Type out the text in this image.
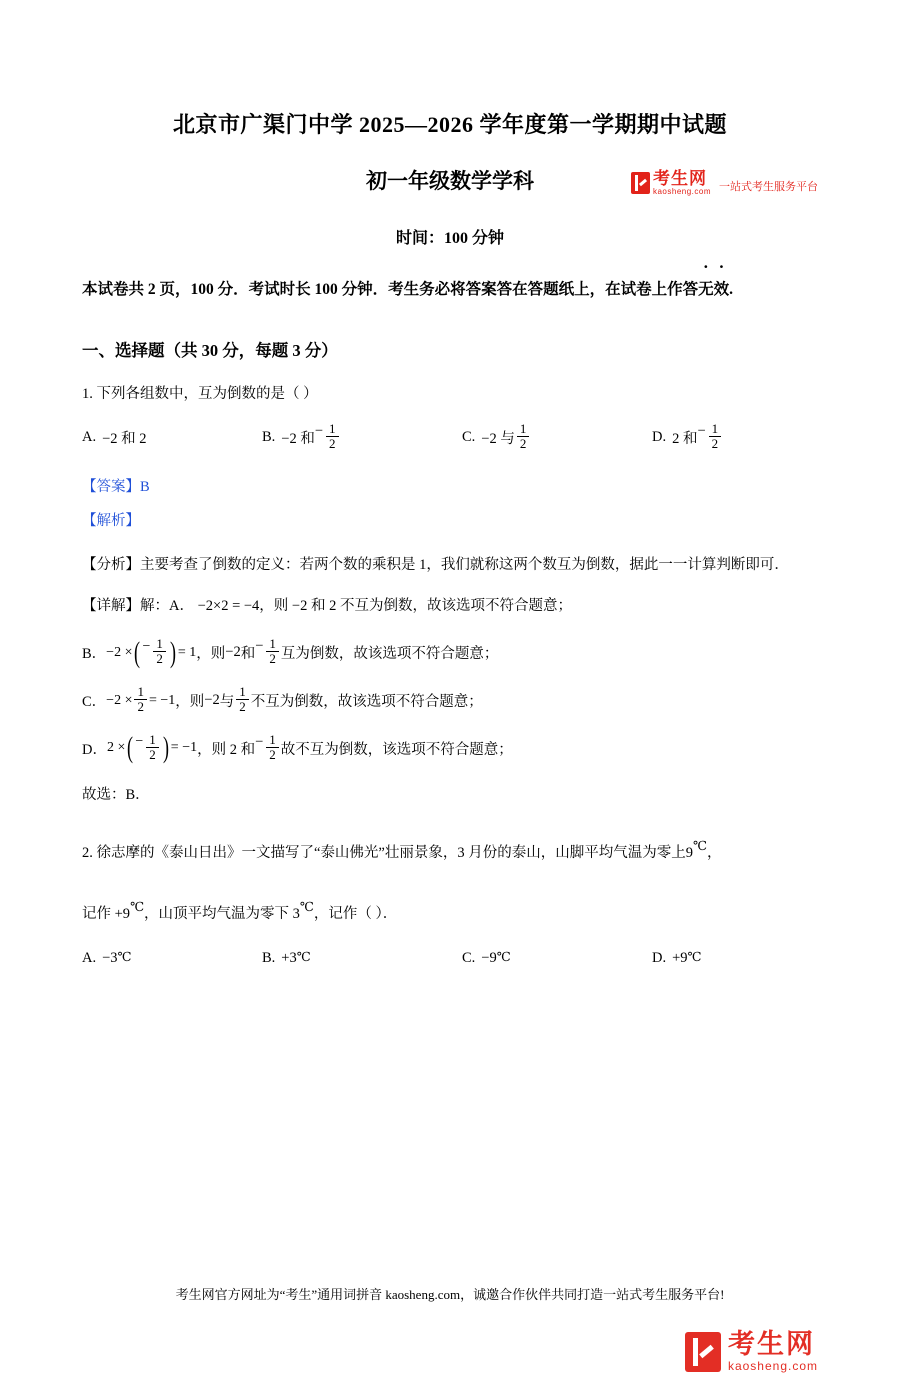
考生网
kaosheng.com 一站式考生服务平台
北京市广渠门中学 2025—2026 学年度第一学期期中试题
初一年级数学学科
时间：100 分钟
本试卷共 2 页，100 分．考试时长 100 分钟．考生务必将答案答在答题纸上，在试卷上作答无效.
一、选择题（共 30 分，每题 3 分）
1. 下列各组数中，互为倒数的是（ ）
A. −2 和 2	B. −2 和 − $\frac{1}{2}$	C. −2 与 $\frac{1}{2}$	D. 2 和 − $\frac{1}{2}$
【答案】B
【解析】
【分析】主要考查了倒数的定义：若两个数的乘积是 1，我们就称这两个数互为倒数，据此一一计算判断即可．
【详解】解：A． −2×2 = −4，则 −2 和 2 不互为倒数，故该选项不符合题意；
B． −2 × ( − $\frac{1}{2}$ ) = 1 ，则 −2 和 − $\frac{1}{2}$ 互为倒数，故该选项不符合题意；
C． $-2 \times \frac{1}{2} = -1$ ，则 −2 与 $\frac{1}{2}$ 不互为倒数，故该选项不符合题意；
D． 2 × ( − $\frac{1}{2}$ ) = −1 ，则 2 和 − $\frac{1}{2}$ 故不互为倒数，该选项不符合题意；
故选：B．
2. 徐志摩的《泰山日出》一文描写了“泰山佛光”壮丽景象，3 月份的泰山，山脚平均气温为零上9℃，
记作 +9℃，山顶平均气温为零下 3℃，记作（ ）．
A. −3 ℃	B. +3 ℃	C. −9 ℃	D. +9 ℃
考生网官方网址为“考生”通用词拼音 kaosheng.com，诚邀合作伙伴共同打造一站式考生服务平台!
考生网
kaosheng.com
